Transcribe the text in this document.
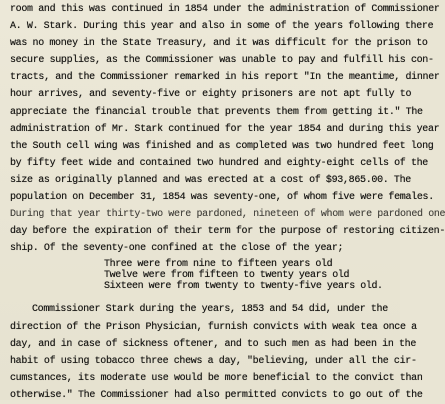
room and this was continued in 1854 under the administration of Commissioner
A. W. Stark. During this year and also in some of the years following there
was no money in the State Treasury, and it was difficult for the prison to
secure supplies, as the Commissioner was unable to pay and fulfill his con-
tracts, and the Commissioner remarked in his report "In the meantime, dinner
hour arrives, and seventy-five or eighty prisoners are not apt fully to
appreciate the financial trouble that prevents them from getting it." The
administration of Mr. Stark continued for the year 1854 and during this year
the South cell wing was finished and as completed was two hundred feet long
by fifty feet wide and contained two hundred and eighty-eight cells of the
size as originally planned and was erected at a cost of $93,865.00. The
population on December 31, 1854 was seventy-one, of whom five were females.
During that year thirty-two were pardoned, nineteen of whom were pardoned one
day before the expiration of their term for the purpose of restoring citizen-
ship. Of the seventy-one confined at the close of the year;
Three were from nine to fifteen years old
Twelve were from fifteen to twenty years old
Sixteen were from twenty to twenty-five years old.
Commissioner Stark during the years, 1853 and 54 did, under the
direction of the Prison Physician, furnish convicts with weak tea once a
day, and in case of sickness oftener, and to such men as had been in the
habit of using tobacco three chews a day, "believing, under all the cir-
cumstances, its moderate use would be more beneficial to the convict than
otherwise." The Commissioner had also permitted convicts to go out of the
